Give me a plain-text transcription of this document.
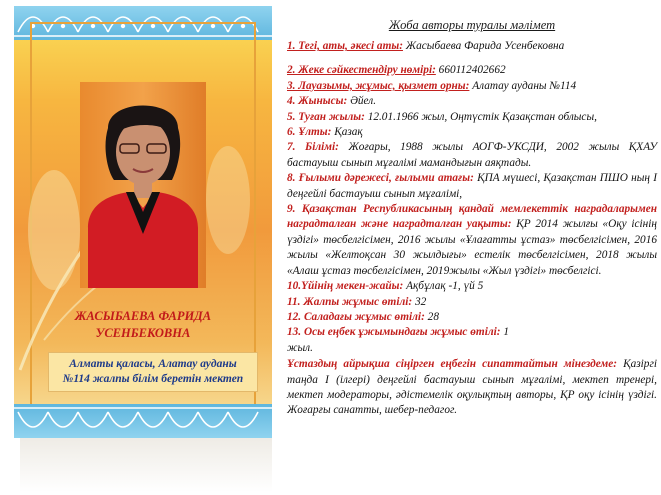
ЖАСЫБАЕВА ФАРИДА
УСЕНБЕКОВНА
Алматы қаласы, Алатау ауданы
№114 жалпы білім беретін мектеп
Жоба авторы туралы мәлімет

1. Тегі, аты, әкесі аты: Жасыбаева Фарида Усенбековна

2. Жеке сәйкестендіру нөмірі: 660112402662

3. Лауазымы, жұмыс, қызмет орны: Алатау ауданы №114

4. Жынысы: Әйел.

5. Туған жылы: 12.01.1966 жыл, Оңтүстік Қазақстан облысы,

6. Ұлты: Қазақ

7. Білімі: Жоғары, 1988 жылы АОГФ-УКСДИ, 2002 жылы ҚХАУ бастауыш сынып мұғалімі мамандығын аяқтады.

8. Ғылыми дәрежесі, ғылыми атағы: ҚПА мүшесі, Қазақстан ПШО ның І деңгейлі бастауыш сынып мұғалімі,

9. Қазақстан Республикасының қандай мемлекеттік наградаларымен наградталған және наградталған уақыты: ҚР 2014 жылғы «Оқу ісінің үздігі» төсбелгісімен, 2016 жылы «Ұлағатты ұстаз» төсбелгісімен, 2016 жылы «Желтоқсан 30 жылдығы» естелік төсбелгісімен, 2018 жылы «Алаш ұстаз төсбелгісімен, 2019жылы «Жыл үздігі» төсбелгісі.

10.Үйінің мекен-жайы: Ақбұлақ -1, үй 5

11. Жалпы жұмыс өтілі: 32

12. Саладағы жұмыс өтілі: 28

13. Осы еңбек ұжымындағы жұмыс өтілі: 1 жыл.

Ұстаздың айрықша сіңірген еңбегін сипаттайтын мінездеме: Қазіргі таңда І (ілгері) деңгейлі бастауыш сынып мұғалімі, мектеп тренері, мектеп модераторы, әдістемелік оқулықтың авторы, ҚР оқу ісінің үздігі. Жоғарғы санатты, шебер-педагог.
